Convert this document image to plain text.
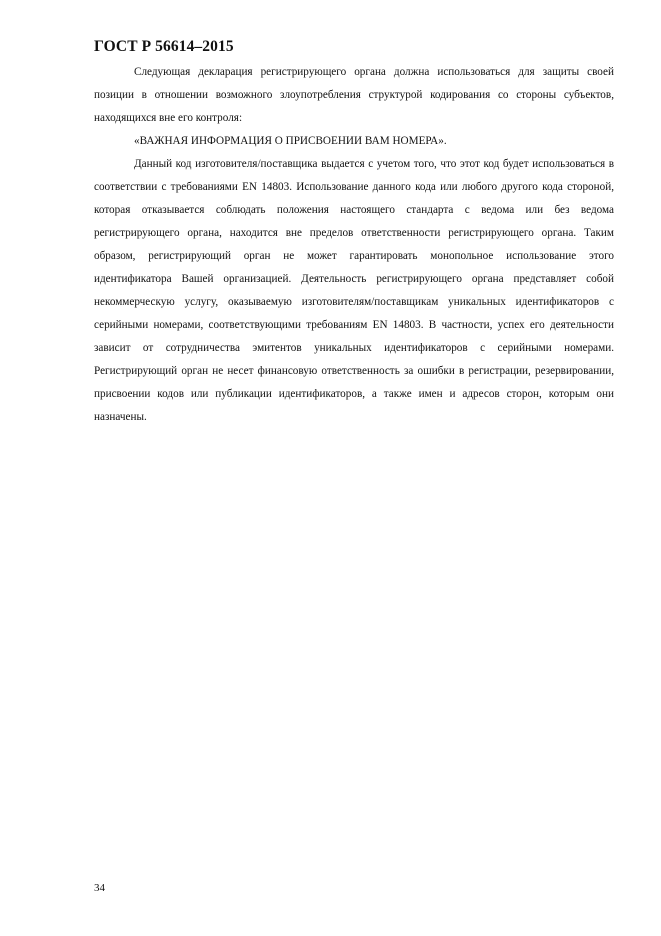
ГОСТ Р 56614–2015

Следующая декларация регистрирующего органа должна использоваться для защиты своей позиции в отношении возможного злоупотребления структурой кодирования со стороны субъектов, находящихся вне его контроля:

«ВАЖНАЯ ИНФОРМАЦИЯ О ПРИСВОЕНИИ ВАМ НОМЕРА».

Данный код изготовителя/поставщика выдается с учетом того, что этот код будет использоваться в соответствии с требованиями EN 14803. Использование данного кода или любого другого кода стороной, которая отказывается соблюдать положения настоящего стандарта с ведома или без ведома регистрирующего органа, находится вне пределов ответственности регистрирующего органа. Таким образом, регистрирующий орган не может гарантировать монопольное использование этого идентификатора Вашей организацией. Деятельность регистрирующего органа представляет собой некоммерческую услугу, оказываемую изготовителям/поставщикам уникальных идентификаторов с серийными номерами, соответствующими требованиям EN 14803. В частности, успех его деятельности зависит от сотрудничества эмитентов уникальных идентификаторов с серийными номерами. Регистрирующий орган не несет финансовую ответственность за ошибки в регистрации, резервировании, присвоении кодов или публикации идентификаторов, а также имен и адресов сторон, которым они назначены.

34
